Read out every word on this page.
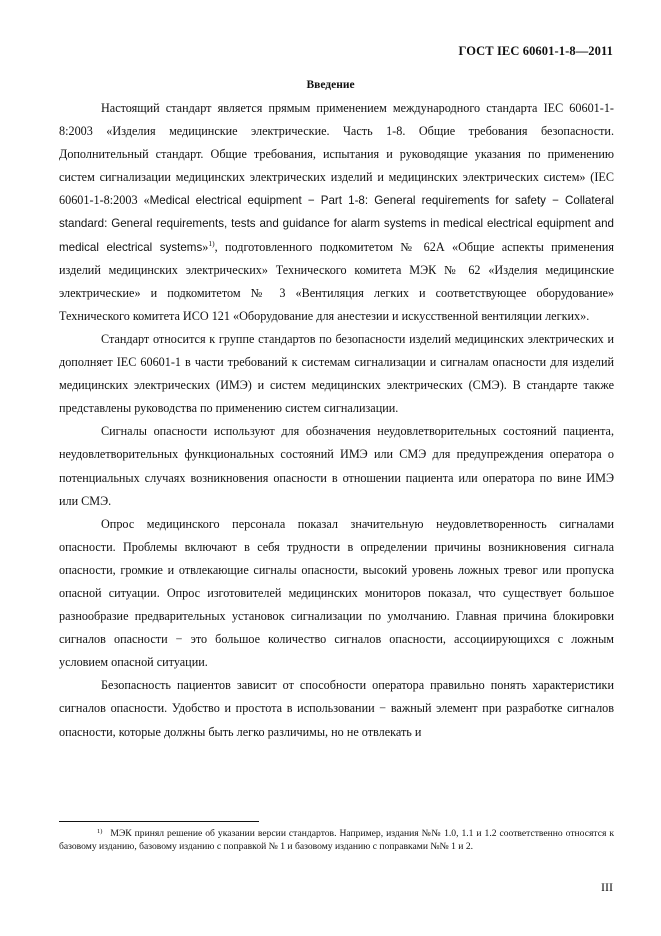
ГОСТ IEC 60601-1-8—2011
Введение

Настоящий стандарт является прямым применением международного стандарта IEC 60601-1-8:2003 «Изделия медицинские электрические. Часть 1-8. Общие требования безопасности. Дополнительный стандарт. Общие требования, испытания и руководящие указания по применению систем сигнализации медицинских электрических изделий и медицинских электрических систем» (IEC 60601-1-8:2003 «Medical electrical equipment − Part 1-8: General requirements for safety − Collateral standard: General requirements, tests and guidance for alarm systems in medical electrical equipment and medical electrical systems»$^{1)}$, подготовленного подкомитетом № 62А «Общие аспекты применения изделий медицинских электрических» Технического комитета МЭК № 62 «Изделия медицинские электрические» и подкомитетом № 3 «Вентиляция легких и соответствующее оборудование» Технического комитета ИСО 121 «Оборудование для анестезии и искусственной вентиляции легких».

Стандарт относится к группе стандартов по безопасности изделий медицинских электрических и дополняет IEC 60601-1 в части требований к системам сигнализации и сигналам опасности для изделий медицинских электрических (ИМЭ) и систем медицинских электрических (СМЭ). В стандарте также представлены руководства по применению систем сигнализации.

Сигналы опасности используют для обозначения неудовлетворительных состояний пациента, неудовлетворительных функциональных состояний ИМЭ или СМЭ для предупреждения оператора о потенциальных случаях возникновения опасности в отношении пациента или оператора по вине ИМЭ или СМЭ.

Опрос медицинского персонала показал значительную неудовлетворенность сигналами опасности. Проблемы включают в себя трудности в определении причины возникновения сигнала опасности, громкие и отвлекающие сигналы опасности, высокий уровень ложных тревог или пропуска опасной ситуации. Опрос изготовителей медицинских мониторов показал, что существует большое разнообразие предварительных установок сигнализации по умолчанию. Главная причина блокировки сигналов опасности − это большое количество сигналов опасности, ассоциирующихся с ложным условием опасной ситуации.

Безопасность пациентов зависит от способности оператора правильно понять характеристики сигналов опасности. Удобство и простота в использовании − важный элемент при разработке сигналов опасности, которые должны быть легко различимы, но не отвлекать и

$^{1)}$ МЭК принял решение об указании версии стандартов. Например, издания №№ 1.0, 1.1 и 1.2 соответственно относятся к базовому изданию, базовому изданию с поправкой № 1 и базовому изданию с поправками №№ 1 и 2.
III
